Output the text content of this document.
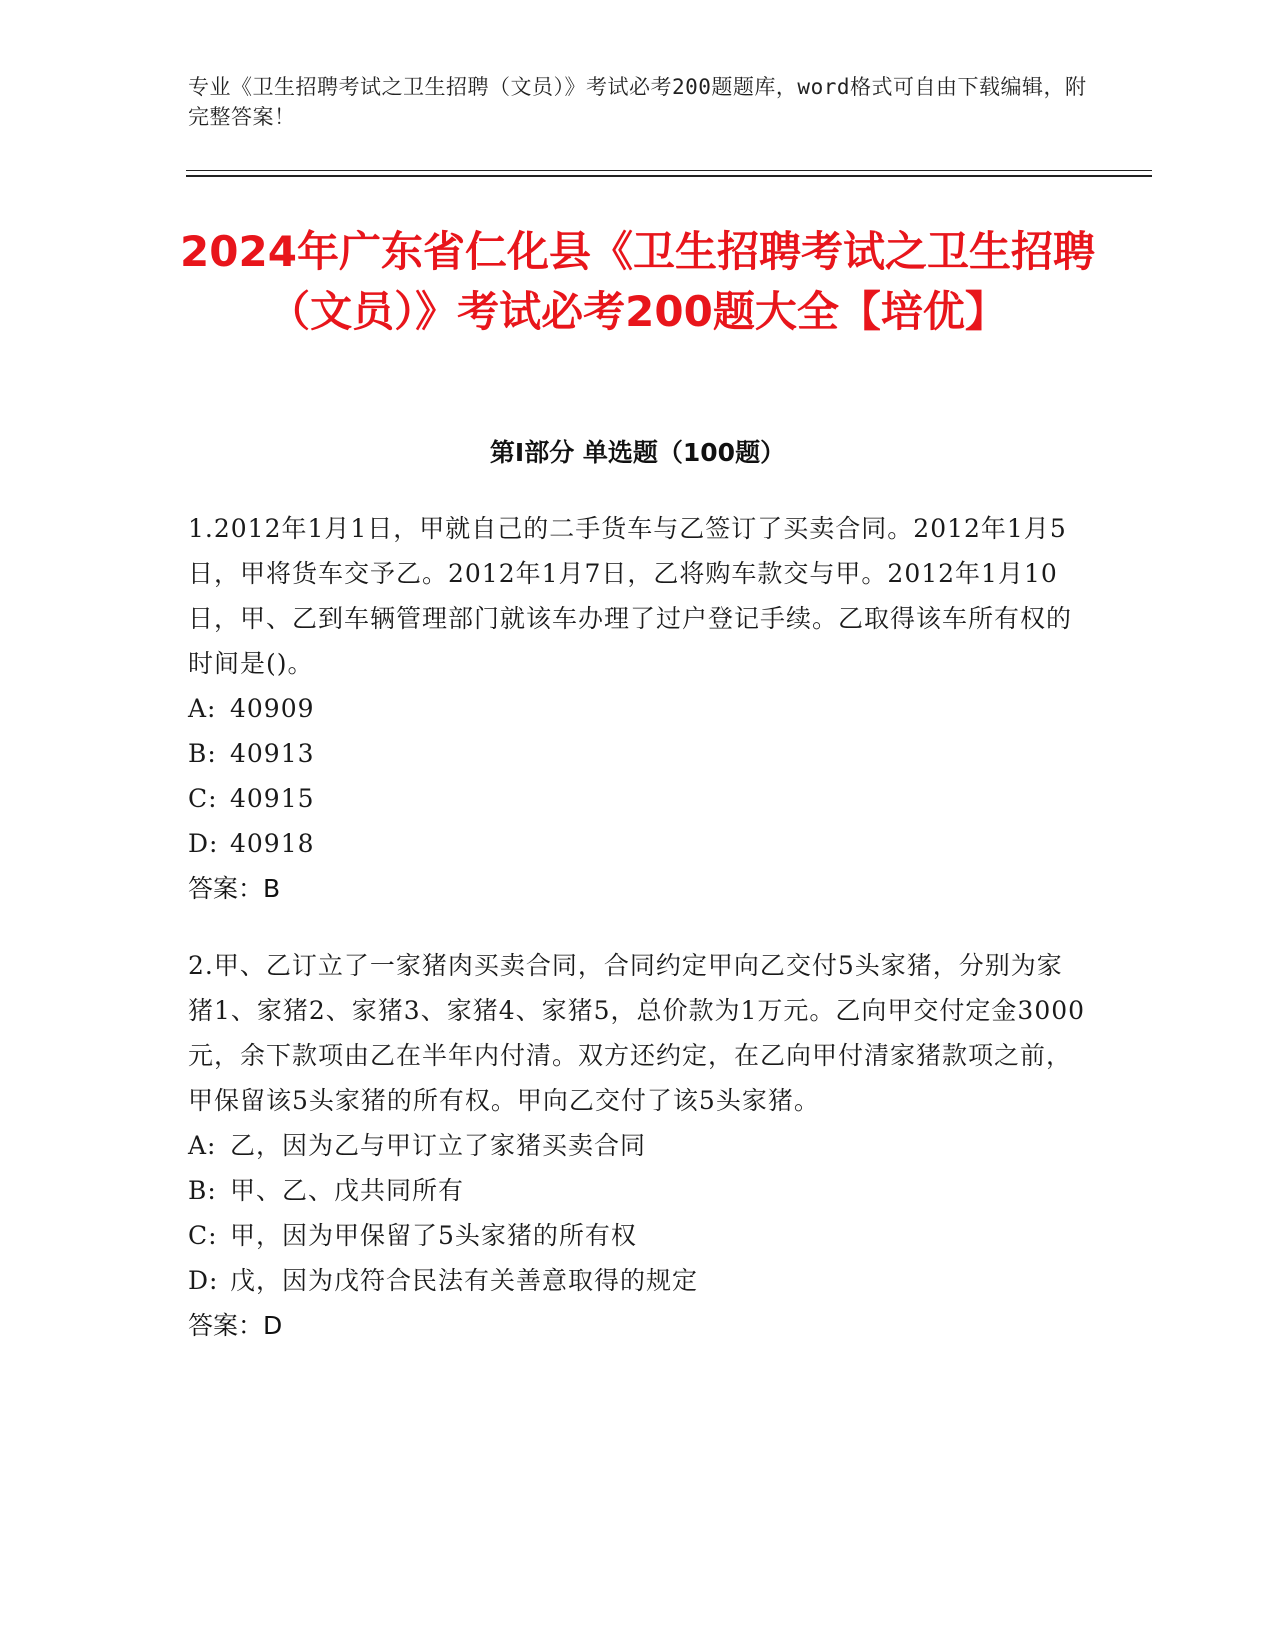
专业《卫生招聘考试之卫生招聘（文员）》考试必考200题题库，word格式可自由下载编辑，附完整答案！
2024年广东省仁化县《卫生招聘考试之卫生招聘（文员）》考试必考200题大全【培优】
第I部分 单选题（100题）

1.2012年1月1日，甲就自己的二手货车与乙签订了买卖合同。2012年1月5日，甲将货车交予乙。2012年1月7日，乙将购车款交与甲。2012年1月10日，甲、乙到车辆管理部门就该车办理了过户登记手续。乙取得该车所有权的时间是()。

A: 40909

B: 40913

C: 40915

D: 40918

答案：B

2.甲、乙订立了一家猪肉买卖合同，合同约定甲向乙交付5头家猪，分别为家猪1、家猪2、家猪3、家猪4、家猪5，总价款为1万元。乙向甲交付定金3000元，余下款项由乙在半年内付清。双方还约定，在乙向甲付清家猪款项之前，甲保留该5头家猪的所有权。甲向乙交付了该5头家猪。

A: 乙，因为乙与甲订立了家猪买卖合同

B: 甲、乙、戊共同所有

C: 甲，因为甲保留了5头家猪的所有权

D: 戊，因为戊符合民法有关善意取得的规定

答案：D
